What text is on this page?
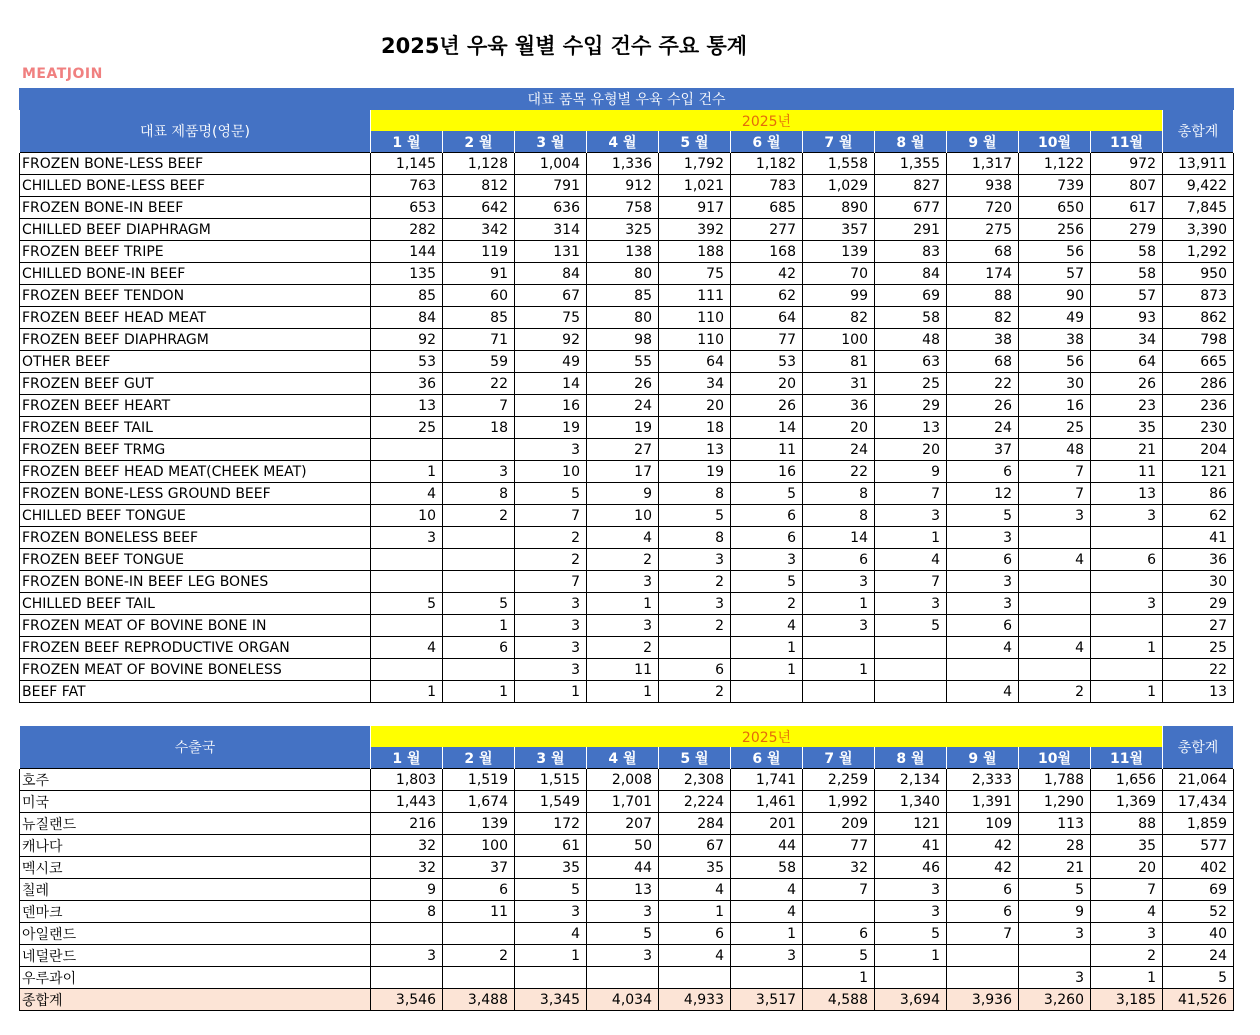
2025년 우육 월별 수입 건수 주요 통계
MEATJOIN
대표 품목 유형별 우육 수입 건수												
대표 제품명(영문)	2025년											총합계
	1 월	2 월	3 월	4 월	5 월	6 월	7 월	8 월	9 월	10월	11월	
FROZEN BONE-LESS BEEF	1,145	1,128	1,004	1,336	1,792	1,182	1,558	1,355	1,317	1,122	972	13,911
CHILLED BONE-LESS BEEF	763	812	791	912	1,021	783	1,029	827	938	739	807	9,422
FROZEN BONE-IN BEEF	653	642	636	758	917	685	890	677	720	650	617	7,845
CHILLED BEEF DIAPHRAGM	282	342	314	325	392	277	357	291	275	256	279	3,390
FROZEN BEEF TRIPE	144	119	131	138	188	168	139	83	68	56	58	1,292
CHILLED BONE-IN BEEF	135	91	84	80	75	42	70	84	174	57	58	950
FROZEN BEEF TENDON	85	60	67	85	111	62	99	69	88	90	57	873
FROZEN BEEF HEAD MEAT	84	85	75	80	110	64	82	58	82	49	93	862
FROZEN BEEF DIAPHRAGM	92	71	92	98	110	77	100	48	38	38	34	798
OTHER BEEF	53	59	49	55	64	53	81	63	68	56	64	665
FROZEN BEEF GUT	36	22	14	26	34	20	31	25	22	30	26	286
FROZEN BEEF HEART	13	7	16	24	20	26	36	29	26	16	23	236
FROZEN BEEF TAIL	25	18	19	19	18	14	20	13	24	25	35	230
FROZEN BEEF TRMG			3	27	13	11	24	20	37	48	21	204
FROZEN BEEF HEAD MEAT(CHEEK MEAT)	1	3	10	17	19	16	22	9	6	7	11	121
FROZEN BONE-LESS GROUND BEEF	4	8	5	9	8	5	8	7	12	7	13	86
CHILLED BEEF TONGUE	10	2	7	10	5	6	8	3	5	3	3	62
FROZEN BONELESS BEEF	3		2	4	8	6	14	1	3			41
FROZEN BEEF TONGUE			2	2	3	3	6	4	6	4	6	36
FROZEN BONE-IN BEEF LEG BONES			7	3	2	5	3	7	3			30
CHILLED BEEF TAIL	5	5	3	1	3	2	1	3	3		3	29
FROZEN MEAT OF BOVINE BONE IN		1	3	3	2	4	3	5	6			27
FROZEN BEEF REPRODUCTIVE ORGAN	4	6	3	2		1			4	4	1	25
FROZEN MEAT OF BOVINE BONELESS			3	11	6	1	1					22
BEEF FAT	1	1	1	1	2				4	2	1	13
수출국	2025년											총합계
	1 월	2 월	3 월	4 월	5 월	6 월	7 월	8 월	9 월	10월	11월	
호주	1,803	1,519	1,515	2,008	2,308	1,741	2,259	2,134	2,333	1,788	1,656	21,064
미국	1,443	1,674	1,549	1,701	2,224	1,461	1,992	1,340	1,391	1,290	1,369	17,434
뉴질랜드	216	139	172	207	284	201	209	121	109	113	88	1,859
캐나다	32	100	61	50	67	44	77	41	42	28	35	577
멕시코	32	37	35	44	35	58	32	46	42	21	20	402
칠레	9	6	5	13	4	4	7	3	6	5	7	69
덴마크	8	11	3	3	1	4		3	6	9	4	52
아일랜드			4	5	6	1	6	5	7	3	3	40
네덜란드	3	2	1	3	4	3	5	1			2	24
우루과이							1			3	1	5
종합계	3,546	3,488	3,345	4,034	4,933	3,517	4,588	3,694	3,936	3,260	3,185	41,526
